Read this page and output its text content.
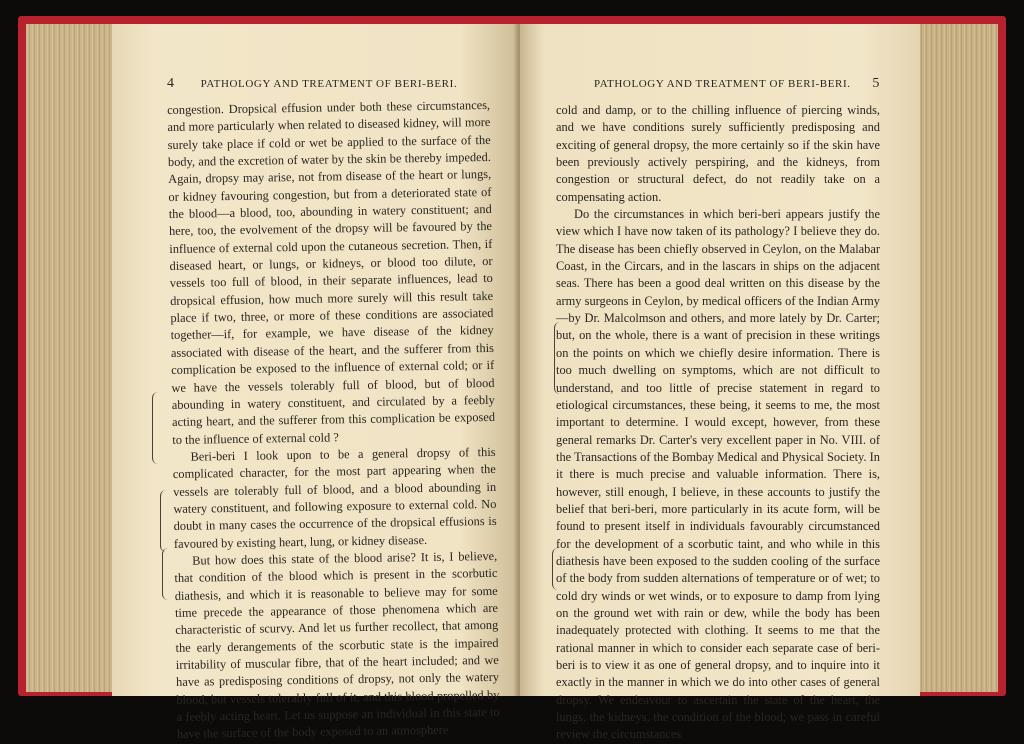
4 PATHOLOGY AND TREATMENT OF BERI-BERI.

congestion. Dropsical effusion under both these circumstances, and more particularly when related to diseased kidney, will more surely take place if cold or wet be applied to the surface of the body, and the excretion of water by the skin be thereby impeded. Again, dropsy may arise, not from disease of the heart or lungs, or kidney favouring congestion, but from a deteriorated state of the blood—a blood, too, abounding in watery constituent; and here, too, the evolvement of the dropsy will be favoured by the influence of external cold upon the cutaneous secretion. Then, if diseased heart, or lungs, or kidneys, or blood too dilute, or vessels too full of blood, in their separate influences, lead to dropsical effusion, how much more surely will this result take place if two, three, or more of these conditions are associated together—if, for example, we have disease of the kidney associated with disease of the heart, and the sufferer from this complication be exposed to the influence of external cold; or if we have the vessels tolerably full of blood, but of blood abounding in watery constituent, and circulated by a feebly acting heart, and the sufferer from this complication be exposed to the influence of external cold ?

Beri-beri I look upon to be a general dropsy of this complicated character, for the most part appearing when the vessels are tolerably full of blood, and a blood abounding in watery constituent, and following exposure to external cold. No doubt in many cases the occurrence of the dropsical effusions is favoured by existing heart, lung, or kidney disease.

But how does this state of the blood arise? It is, I believe, that condition of the blood which is present in the scorbutic diathesis, and which it is reasonable to believe may for some time precede the appearance of those phenomena which are characteristic of scurvy. And let us further recollect, that among the early derangements of the scorbutic state is the impaired irritability of muscular fibre, that of the heart included; and we have as predisposing conditions of dropsy, not only the watery blood, but vessels tolerably full of it, and this blood propelled by a feebly acting heart. Let us suppose an individual in this state to have the surface of the body exposed to an atmosphere

PATHOLOGY AND TREATMENT OF BERI-BERI. 5

cold and damp, or to the chilling influence of piercing winds, and we have conditions surely sufficiently predisposing and exciting of general dropsy, the more certainly so if the skin have been previously actively perspiring, and the kidneys, from congestion or structural defect, do not readily take on a compensating action.

Do the circumstances in which beri-beri appears justify the view which I have now taken of its pathology? I believe they do. The disease has been chiefly observed in Ceylon, on the Malabar Coast, in the Circars, and in the lascars in ships on the adjacent seas. There has been a good deal written on this disease by the army surgeons in Ceylon, by medical officers of the Indian Army—by Dr. Malcolmson and others, and more lately by Dr. Carter; but, on the whole, there is a want of precision in these writings on the points on which we chiefly desire information. There is too much dwelling on symptoms, which are not difficult to understand, and too little of precise statement in regard to etiological circumstances, these being, it seems to me, the most important to determine. I would except, however, from these general remarks Dr. Carter's very excellent paper in No. VIII. of the Transactions of the Bombay Medical and Physical Society. In it there is much precise and valuable information. There is, however, still enough, I believe, in these accounts to justify the belief that beri-beri, more particularly in its acute form, will be found to present itself in individuals favourably circumstanced for the development of a scorbutic taint, and who while in this diathesis have been exposed to the sudden cooling of the surface of the body from sudden alternations of temperature or of wet; to cold dry winds or wet winds, or to exposure to damp from lying on the ground wet with rain or dew, while the body has been inadequately protected with clothing. It seems to me that the rational manner in which to consider each separate case of beri-beri is to view it as one of general dropsy, and to inquire into it exactly in the manner in which we do into other cases of general dropsy. We endeavour to ascertain the state of the heart, the lungs, the kidneys, the condition of the blood; we pass in careful review the circumstances
